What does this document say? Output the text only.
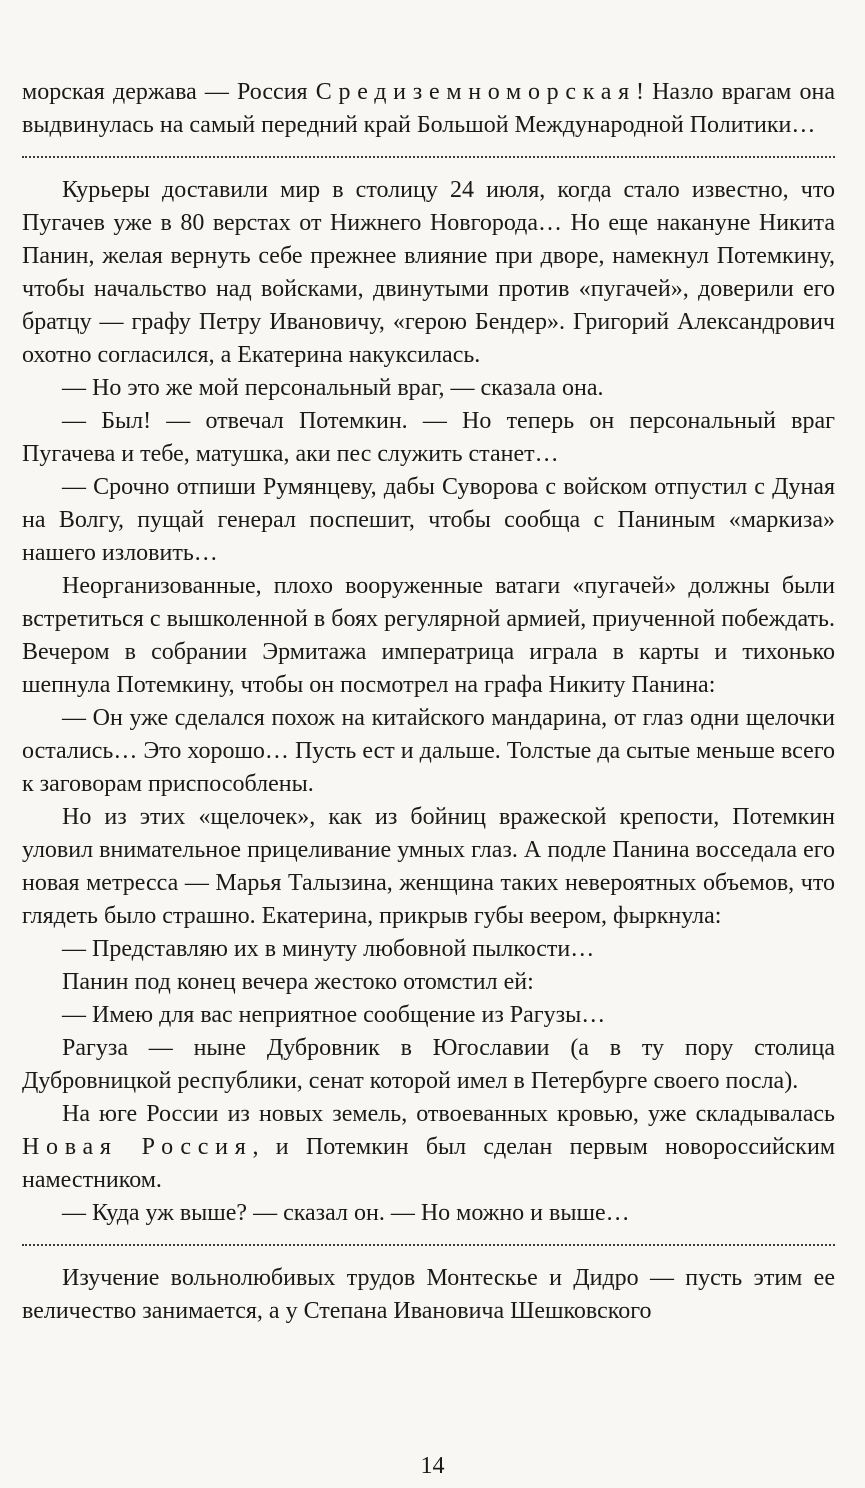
морская держава — Россия Средиземноморская! Назло врагам она выдвинулась на самый передний край Большой Международной Политики…

Курьеры доставили мир в столицу 24 июля, когда стало известно, что Пугачев уже в 80 верстах от Нижнего Новгорода… Но еще накануне Никита Панин, желая вернуть себе прежнее влияние при дворе, намекнул Потемкину, чтобы начальство над войсками, двинутыми против «пугачей», доверили его братцу — графу Петру Ивановичу, «герою Бендер». Григорий Александрович охотно согласился, а Екатерина накуксилась.

— Но это же мой персональный враг, — сказала она.

— Был! — отвечал Потемкин. — Но теперь он персональный враг Пугачева и тебе, матушка, аки пес служить станет…

— Срочно отпиши Румянцеву, дабы Суворова с войском отпустил с Дуная на Волгу, пущай генерал поспешит, чтобы сообща с Паниным «маркиза» нашего изловить…

Неорганизованные, плохо вооруженные ватаги «пугачей» должны были встретиться с вышколенной в боях регулярной армией, приученной побеждать. Вечером в собрании Эрмитажа императрица играла в карты и тихонько шепнула Потемкину, чтобы он посмотрел на графа Никиту Панина:

— Он уже сделался похож на китайского мандарина, от глаз одни щелочки остались… Это хорошо… Пусть ест и дальше. Толстые да сытые меньше всего к заговорам приспособлены.

Но из этих «щелочек», как из бойниц вражеской крепости, Потемкин уловил внимательное прицеливание умных глаз. А подле Панина восседала его новая метресса — Марья Талызина, женщина таких невероятных объемов, что глядеть было страшно. Екатерина, прикрыв губы веером, фыркнула:

— Представляю их в минуту любовной пылкости…

Панин под конец вечера жестоко отомстил ей:

— Имею для вас неприятное сообщение из Рагузы…

Рагуза — ныне Дубровник в Югославии (а в ту пору столица Дубровницкой республики, сенат которой имел в Петербурге своего посла).

На юге России из новых земель, отвоеванных кровью, уже складывалась Новая Россия, и Потемкин был сделан первым новороссийским наместником.

— Куда уж выше? — сказал он. — Но можно и выше…

Изучение вольнолюбивых трудов Монтескье и Дидро — пусть этим ее величество занимается, а у Степана Ивановича Шешковского

14
